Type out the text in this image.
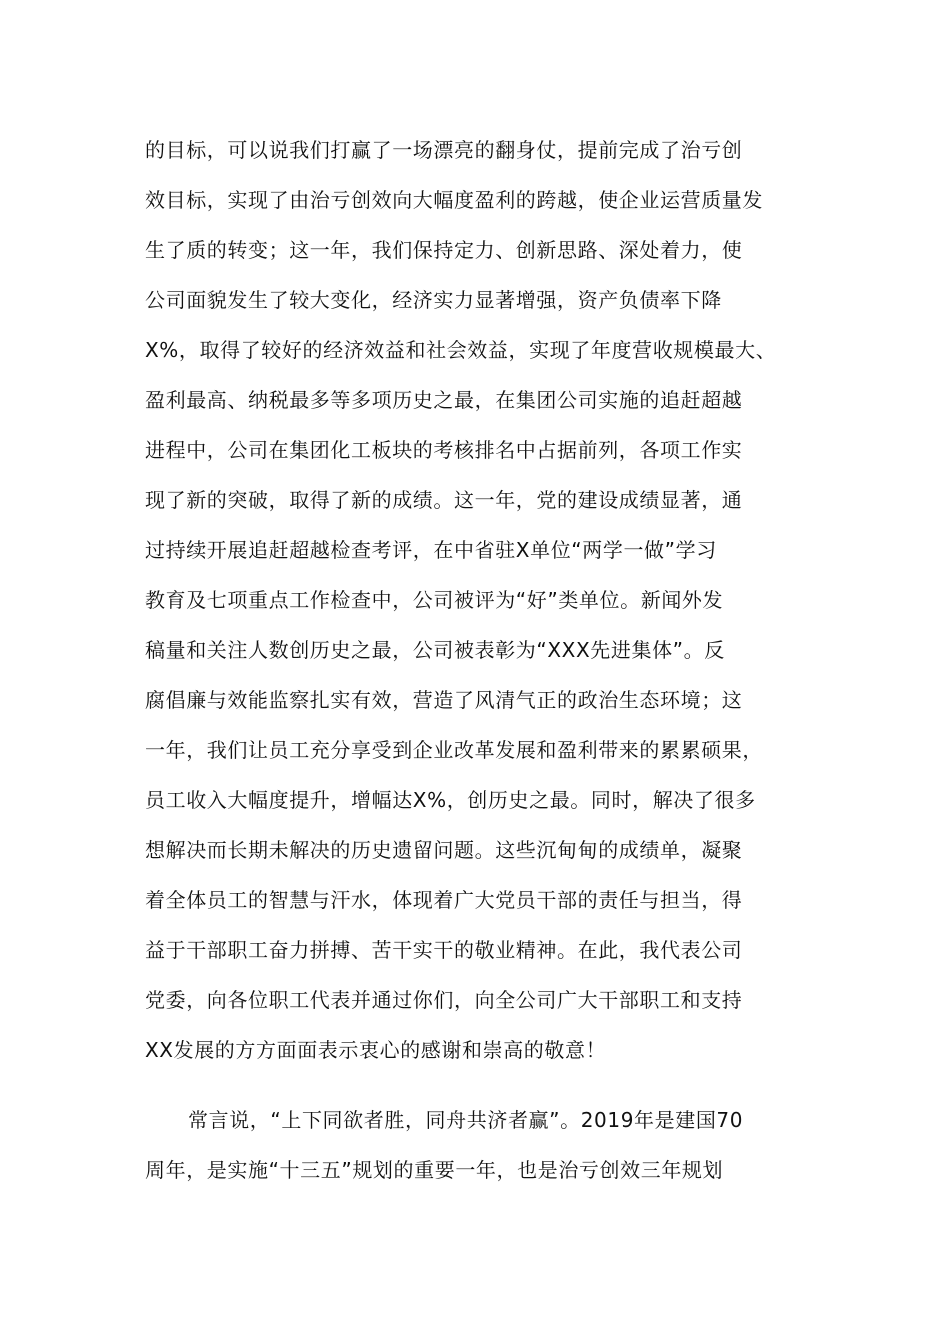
的目标，可以说我们打赢了一场漂亮的翻身仗，提前完成了治亏创
效目标，实现了由治亏创效向大幅度盈利的跨越，使企业运营质量发
生了质的转变；这一年，我们保持定力、创新思路、深处着力，使
公司面貌发生了较大变化，经济实力显著增强，资产负债率下降
X%，取得了较好的经济效益和社会效益，实现了年度营收规模最大、
盈利最高、纳税最多等多项历史之最，在集团公司实施的追赶超越
进程中，公司在集团化工板块的考核排名中占据前列，各项工作实
现了新的突破，取得了新的成绩。这一年，党的建设成绩显著，通
过持续开展追赶超越检查考评，在中省驻X单位“两学一做”学习
教育及七项重点工作检查中，公司被评为“好”类单位。新闻外发
稿量和关注人数创历史之最，公司被表彰为“XXX先进集体”。反
腐倡廉与效能监察扎实有效，营造了风清气正的政治生态环境；这
一年，我们让员工充分享受到企业改革发展和盈利带来的累累硕果，
员工收入大幅度提升，增幅达X%，创历史之最。同时，解决了很多
想解决而长期未解决的历史遗留问题。这些沉甸甸的成绩单，凝聚
着全体员工的智慧与汗水，体现着广大党员干部的责任与担当，得
益于干部职工奋力拼搏、苦干实干的敬业精神。在此，我代表公司
党委，向各位职工代表并通过你们，向全公司广大干部职工和支持
XX发展的方方面面表示衷心的感谢和崇高的敬意！
常言说，“上下同欲者胜，同舟共济者赢”。2019年是建国70
周年，是实施“十三五”规划的重要一年，也是治亏创效三年规划
